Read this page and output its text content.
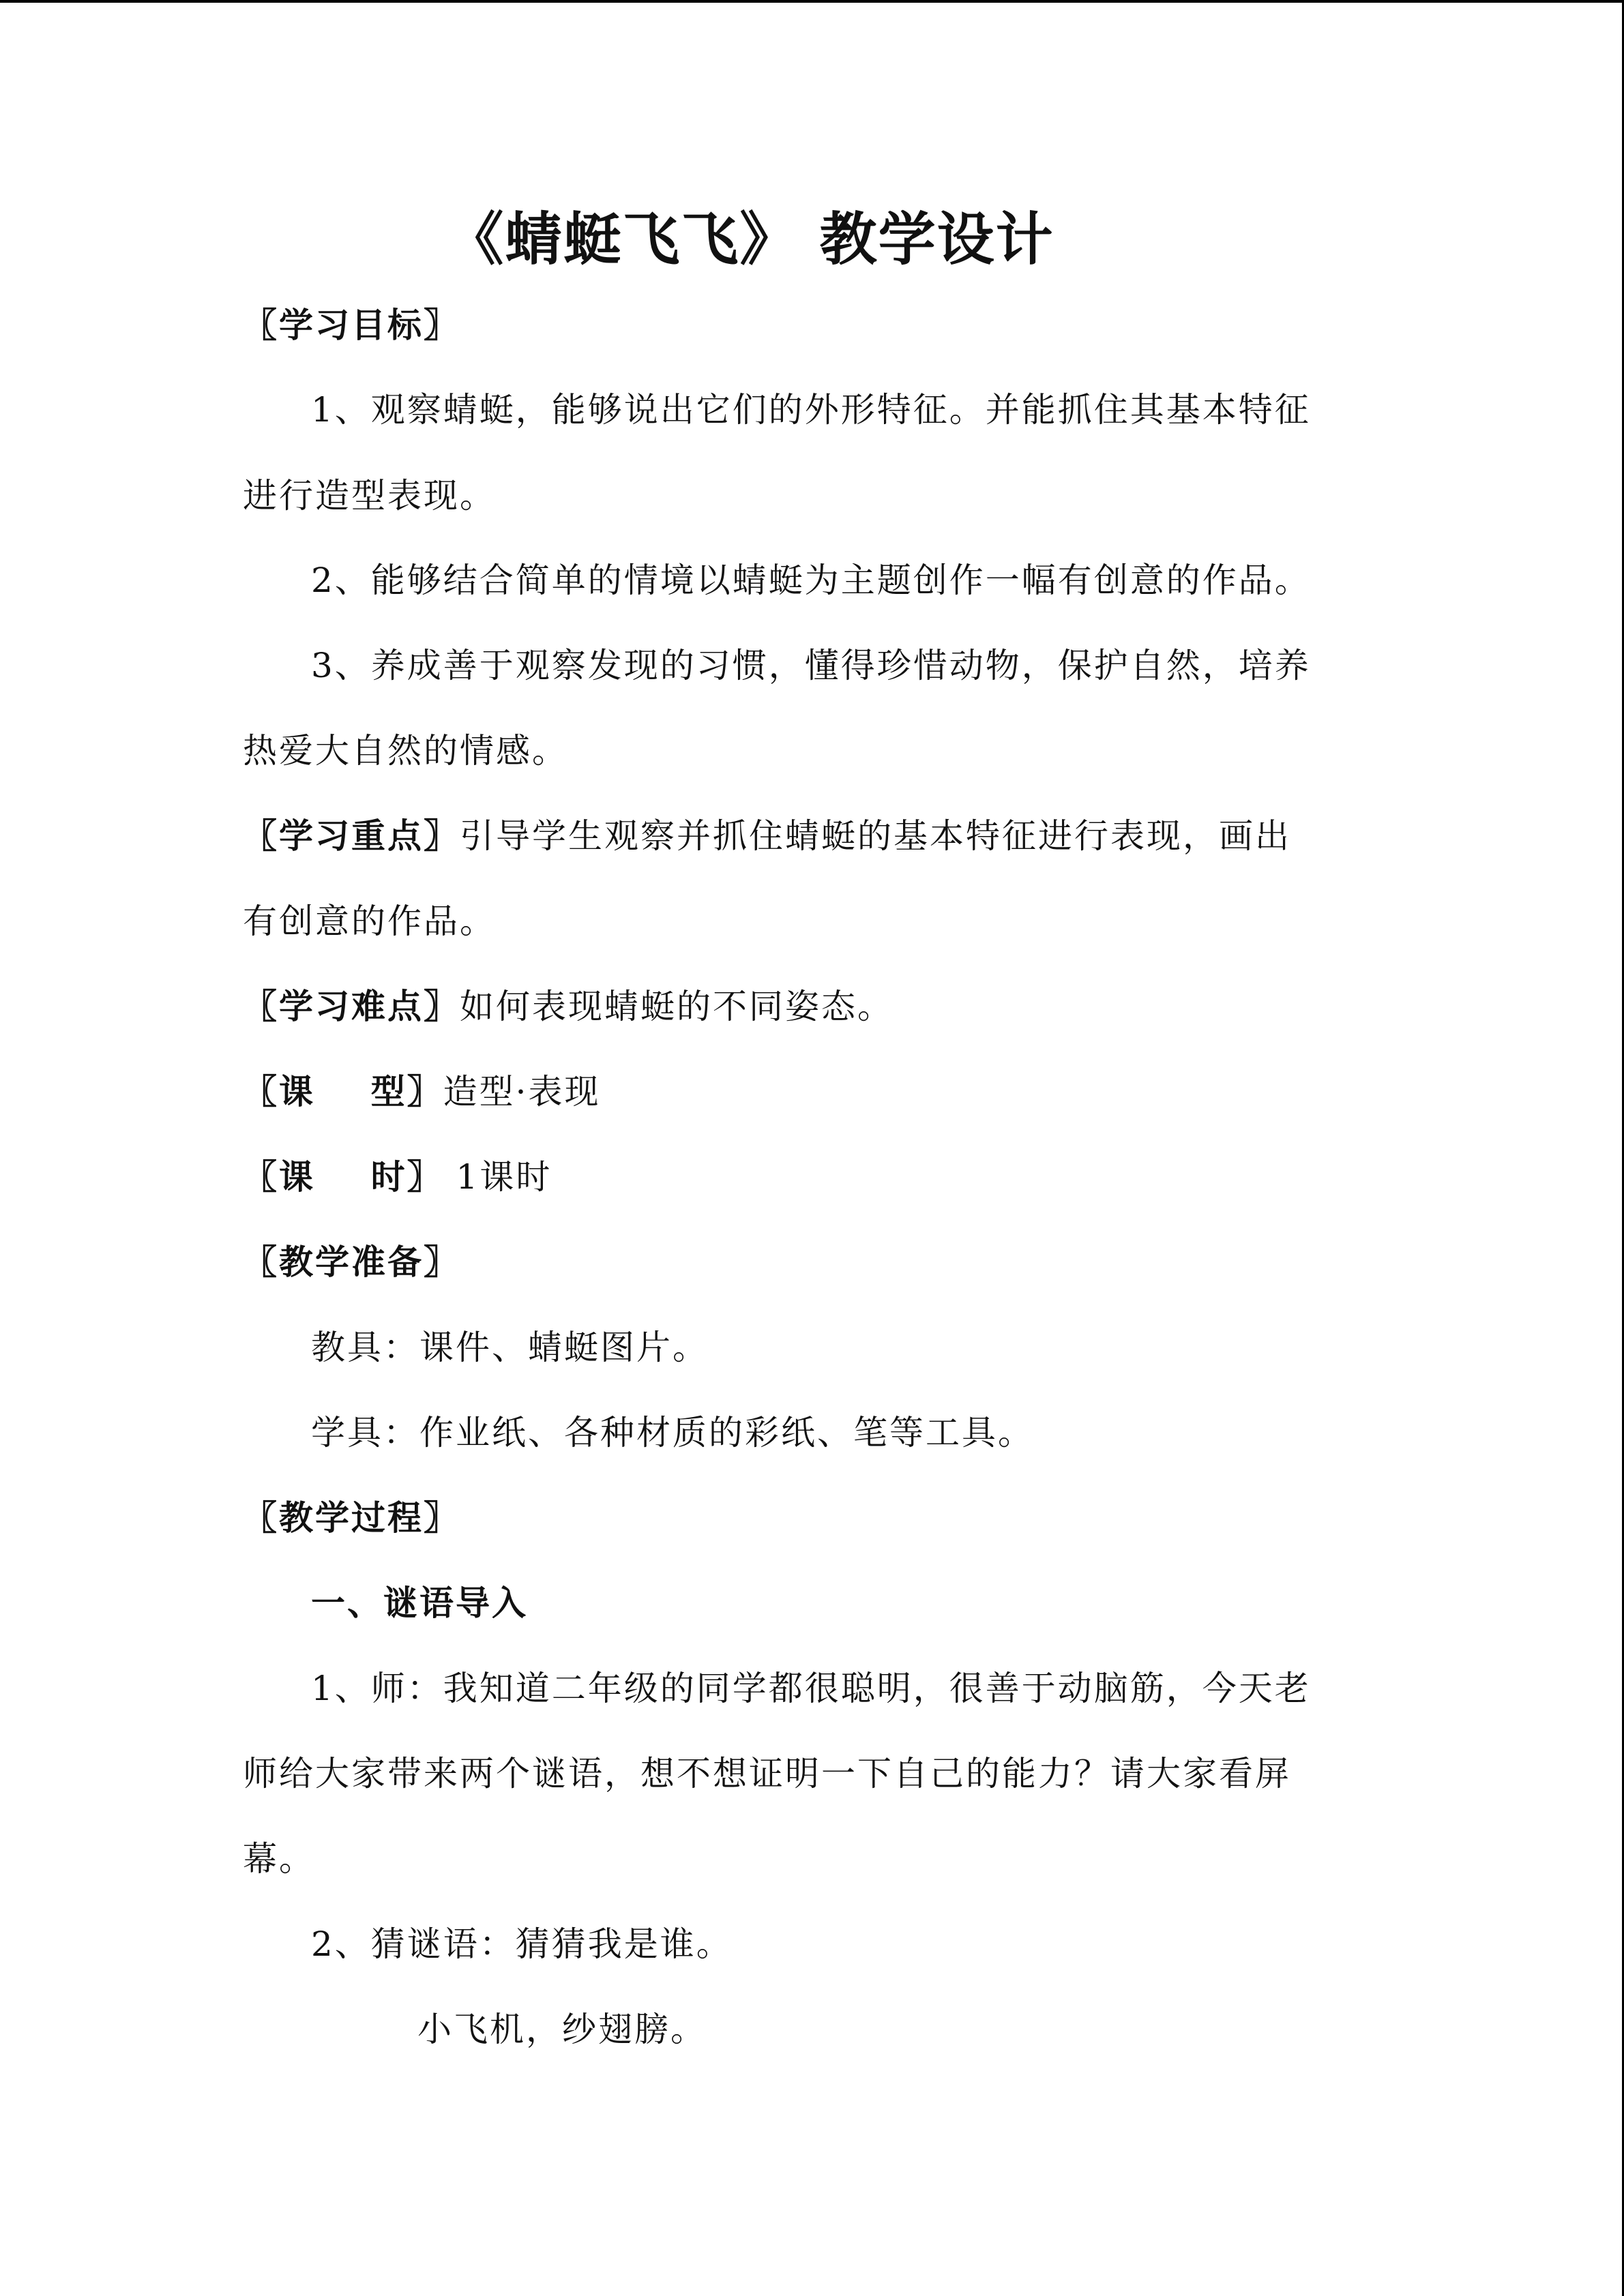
《蜻蜓飞飞》 教学设计
〖学习目标〗
1、观察蜻蜓，能够说出它们的外形特征。并能抓住其基本特征
进行造型表现。
2、能够结合简单的情境以蜻蜓为主题创作一幅有创意的作品。
3、养成善于观察发现的习惯，懂得珍惜动物，保护自然，培养
热爱大自然的情感。
〖学习重点〗引导学生观察并抓住蜻蜓的基本特征进行表现，画出
有创意的作品。
〖学习难点〗如何表现蜻蜓的不同姿态。
〖课    型〗造型·表现
〖课    时〗 1课时
〖教学准备〗
教具：课件、蜻蜓图片。
学具：作业纸、各种材质的彩纸、笔等工具。
〖教学过程〗
一、谜语导入
1、师：我知道二年级的同学都很聪明，很善于动脑筋，今天老
师给大家带来两个谜语，想不想证明一下自己的能力？请大家看屏
幕。
2、猜谜语：猜猜我是谁。
小飞机，纱翅膀。
